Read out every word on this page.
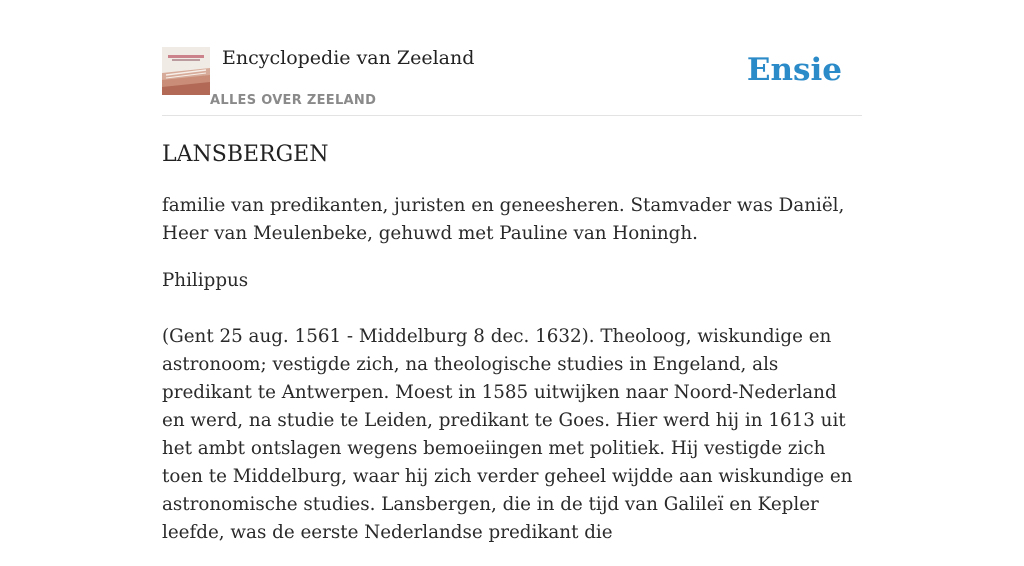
Encyclopedie van Zeeland
ALLES OVER ZEELAND
Ensie
LANSBERGEN

familie van predikanten, juristen en geneesheren. Stamvader was Daniël, Heer van Meulenbeke, gehuwd met Pauline van Honingh.

Philippus

(Gent 25 aug. 1561 - Middelburg 8 dec. 1632). Theoloog, wiskundige en astronoom; vestigde zich, na theologische studies in Engeland, als predikant te Antwerpen. Moest in 1585 uitwijken naar Noord-Nederland en werd, na studie te Leiden, predikant te Goes. Hier werd hij in 1613 uit het ambt ontslagen wegens bemoeiingen met politiek. Hij vestigde zich toen te Middelburg, waar hij zich verder geheel wijdde aan wiskundige en astronomische studies. Lansbergen, die in de tijd van Galileï en Kepler leefde, was de eerste Nederlandse predikant die
